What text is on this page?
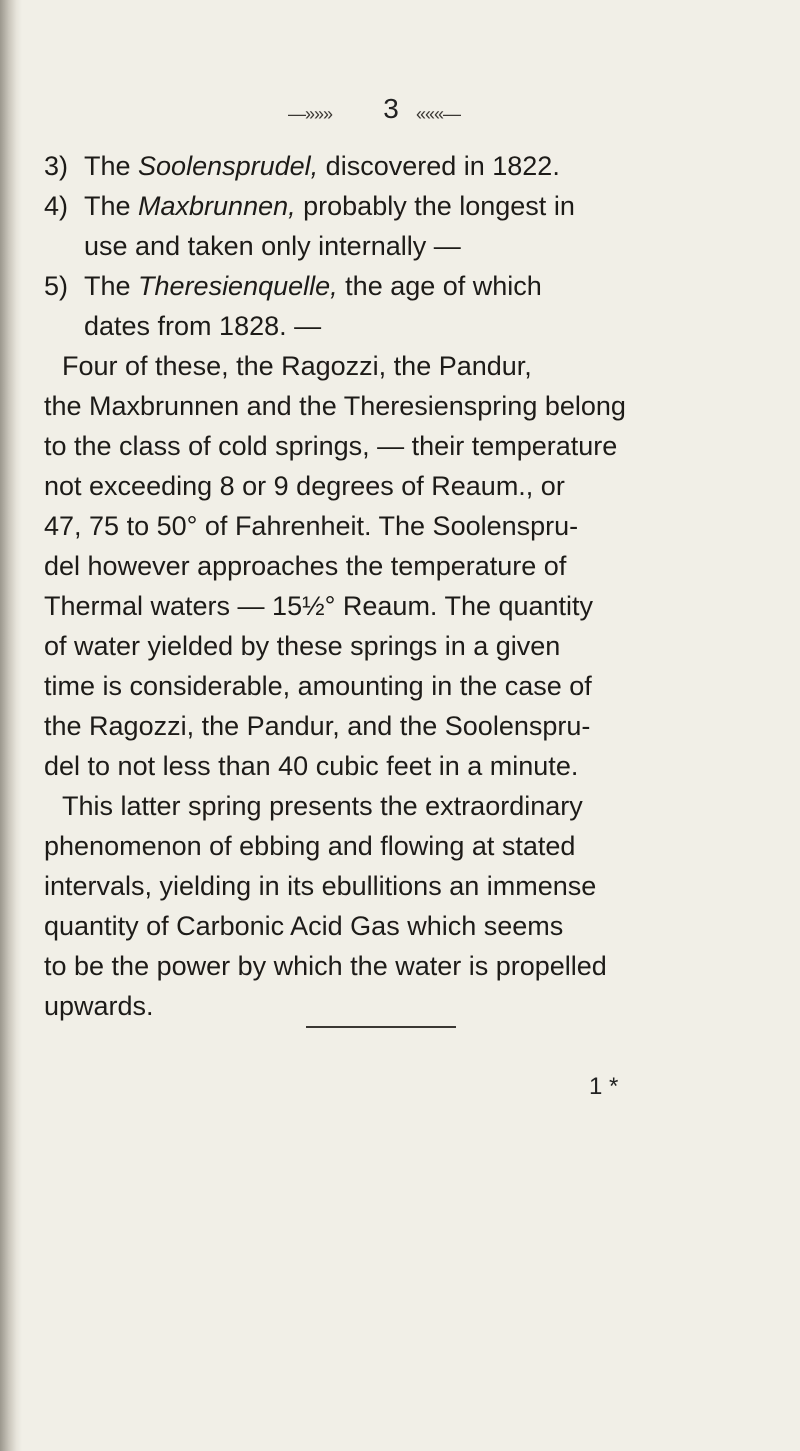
—»»»	3 «««—
3) The Soolensprudel, discovered in 1822.
4) The Maxbrunnen, probably the longest in
use and taken only internally —
5) The Theresienquelle, the age of which
dates from 1828. —
Four of these, the Ragozzi, the Pandur,
the Maxbrunnen and the Theresienspring belong
to the class of cold springs, — their temperature
not exceeding 8 or 9 degrees of Reaum., or
47, 75 to 50° of Fahrenheit. The Soolenspru-
del however approaches the temperature of
Thermal waters — 15½° Reaum. The quantity
of water yielded by these springs in a given
time is considerable, amounting in the case of
the Ragozzi, the Pandur, and the Soolenspru-
del to not less than 40 cubic feet in a minute.
This latter spring presents the extraordinary
phenomenon of ebbing and flowing at stated
intervals, yielding in its ebullitions an immense
quantity of Carbonic Acid Gas which seems
to be the power by which the water is propelled
upwards.
1 *
